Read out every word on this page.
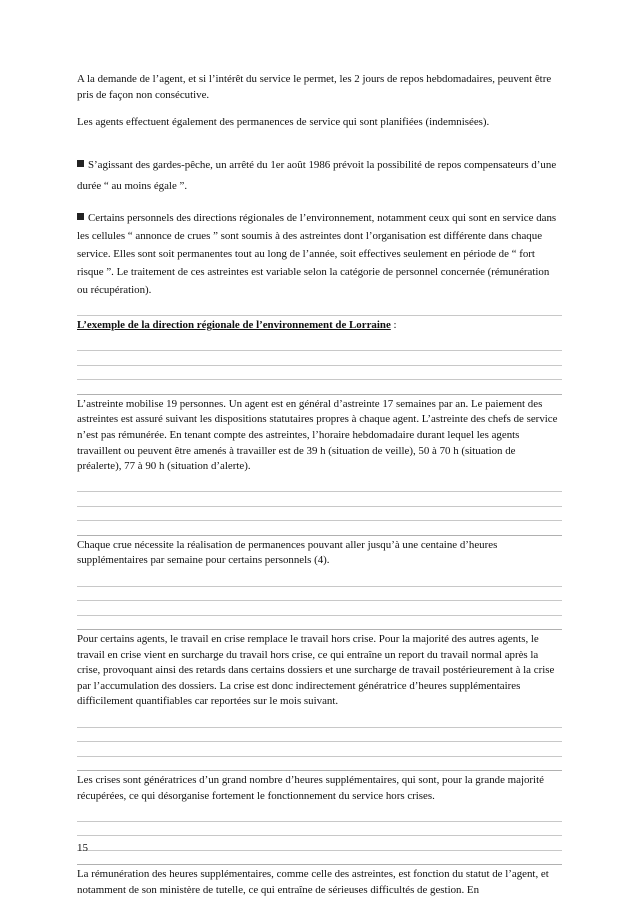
A la demande de l’agent, et si l’intérêt du service le permet, les 2 jours de repos hebdomadaires, peuvent être pris de façon non consécutive.

Les agents effectuent également des permanences de service qui sont planifiées (indemnisées).

S’agissant des gardes-pêche, un arrêté du 1er août 1986 prévoit la possibilité de repos compensateurs d’une durée “ au moins égale ”.

Certains personnels des directions régionales de l’environnement, notamment ceux qui sont en service dans les cellules “ annonce de crues ” sont soumis à des astreintes dont l’organisation est différente dans chaque service. Elles sont soit permanentes tout au long de l’année, soit effectives seulement en période de “ fort risque ”. Le traitement de ces astreintes est variable selon la catégorie de personnel concernée (rémunération ou récupération).

L’exemple de la direction régionale de l’environnement de Lorraine :

L’astreinte mobilise 19 personnes. Un agent est en général d’astreinte 17 semaines par an. Le paiement des astreintes est assuré suivant les dispositions statutaires propres à chaque agent. L’astreinte des chefs de service n’est pas rémunérée. En tenant compte des astreintes, l’horaire hebdomadaire durant lequel les agents travaillent ou peuvent être amenés à travailler est de 39 h (situation de veille), 50 à 70 h (situation de préalerte), 77 à 90 h (situation d’alerte).

Chaque crue nécessite la réalisation de permanences pouvant aller jusqu’à une centaine d’heures supplémentaires par semaine pour certains personnels (4).

Pour certains agents, le travail en crise remplace le travail hors crise. Pour la majorité des autres agents, le travail en crise vient en surcharge du travail hors crise, ce qui entraîne un report du travail normal après la crise, provoquant ainsi des retards dans certains dossiers et une surcharge de travail postérieurement à la crise par l’accumulation des dossiers. La crise est donc indirectement génératrice d’heures supplémentaires difficilement quantifiables car reportées sur le mois suivant.

Les crises sont génératrices d’un grand nombre d’heures supplémentaires, qui sont, pour la grande majorité récupérées, ce qui désorganise fortement le fonctionnement du service hors crises.

La rémunération des heures supplémentaires, comme celle des astreintes, est fonction du statut de l’agent, et notamment de son ministère de tutelle, ce qui entraîne de sérieuses difficultés de gestion. En

15
